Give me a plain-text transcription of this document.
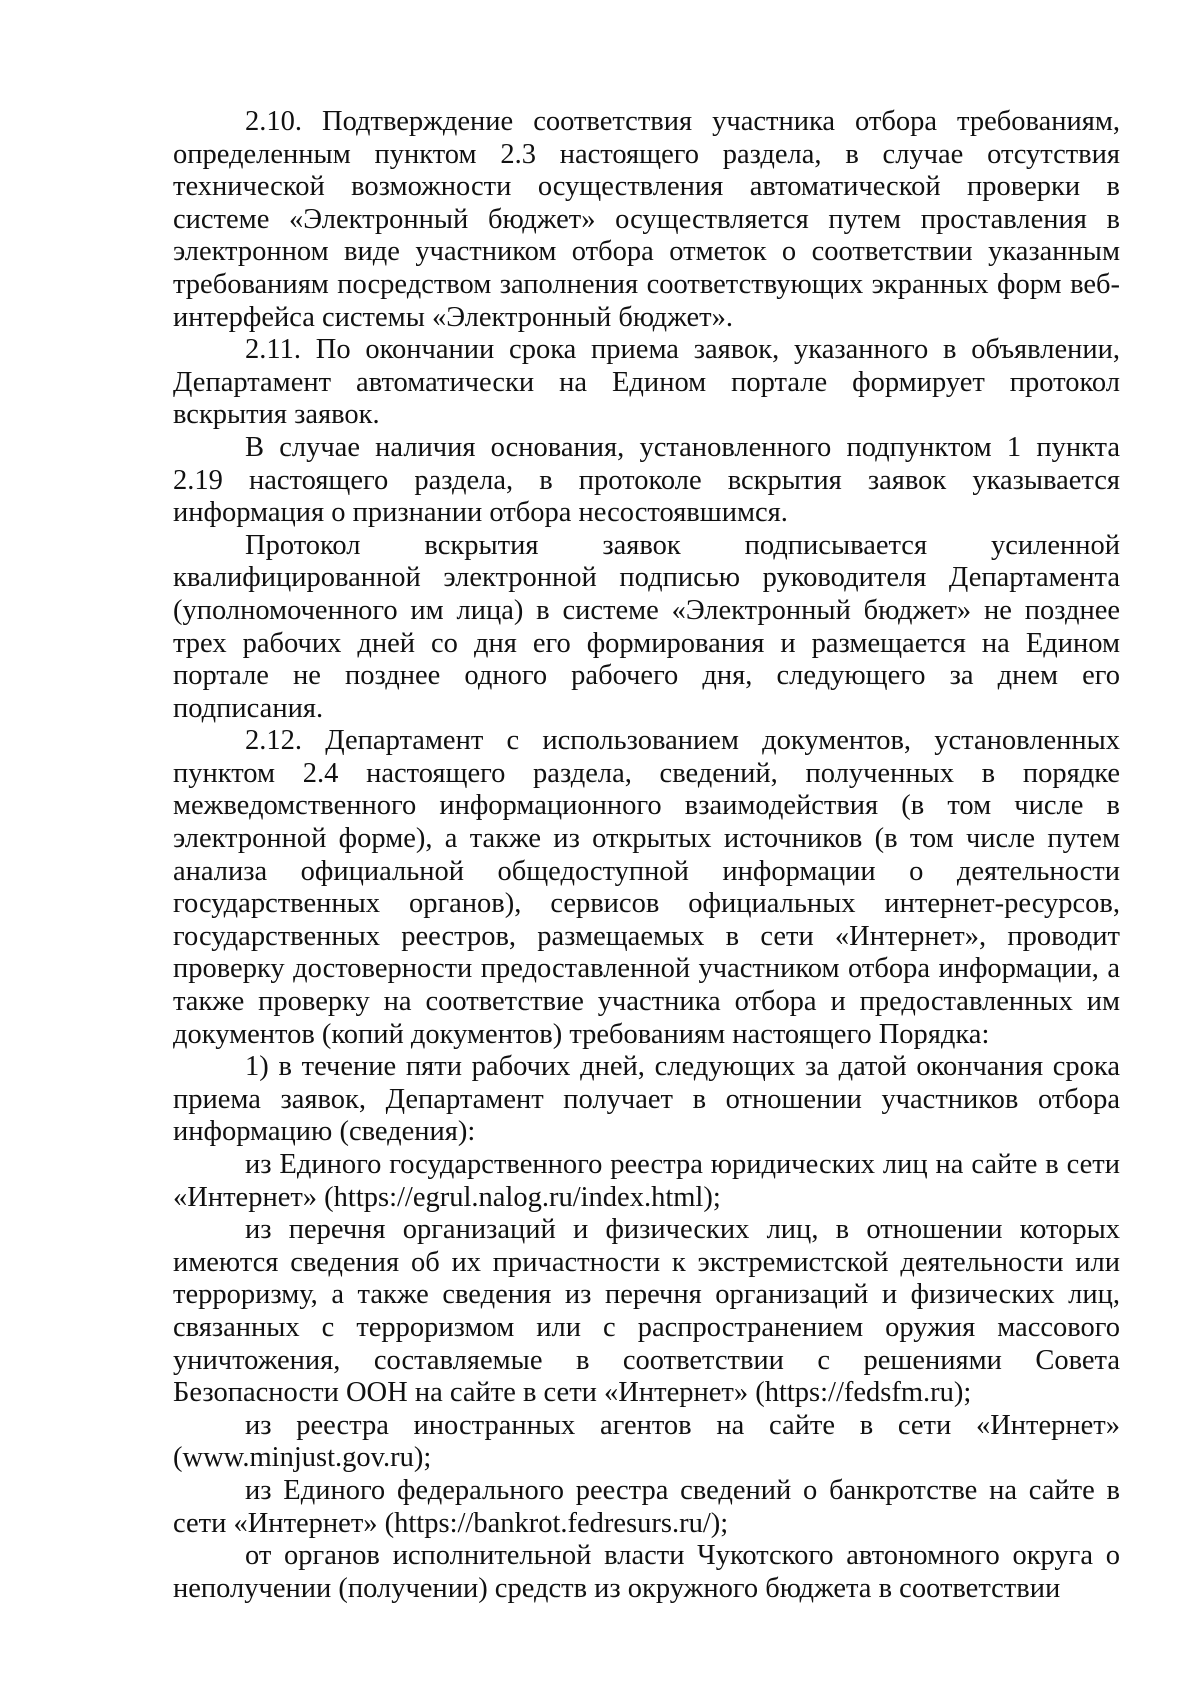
2.10. Подтверждение соответствия участника отбора требованиям, определенным пунктом 2.3 настоящего раздела, в случае отсутствия технической возможности осуществления автоматической проверки в системе «Электронный бюджет» осуществляется путем проставления в электронном виде участником отбора отметок о соответствии указанным требованиям посредством заполнения соответствующих экранных форм веб-интерфейса системы «Электронный бюджет».

2.11. По окончании срока приема заявок, указанного в объявлении, Департамент автоматически на Едином портале формирует протокол вскрытия заявок.

В случае наличия основания, установленного подпунктом 1 пункта 2.19 настоящего раздела, в протоколе вскрытия заявок указывается информация о признании отбора несостоявшимся.

Протокол вскрытия заявок подписывается усиленной квалифицированной электронной подписью руководителя Департамента (уполномоченного им лица) в системе «Электронный бюджет» не позднее трех рабочих дней со дня его формирования и размещается на Едином портале не позднее одного рабочего дня, следующего за днем его подписания.

2.12. Департамент с использованием документов, установленных пунктом 2.4 настоящего раздела, сведений, полученных в порядке межведомственного информационного взаимодействия (в том числе в электронной форме), а также из открытых источников (в том числе путем анализа официальной общедоступной информации о деятельности государственных органов), сервисов официальных интернет-ресурсов, государственных реестров, размещаемых в сети «Интернет», проводит проверку достоверности предоставленной участником отбора информации, а также проверку на соответствие участника отбора и предоставленных им документов (копий документов) требованиям настоящего Порядка:

1) в течение пяти рабочих дней, следующих за датой окончания срока приема заявок, Департамент получает в отношении участников отбора информацию (сведения):

из Единого государственного реестра юридических лиц на сайте в сети «Интернет» (https://egrul.nalog.ru/index.html);

из перечня организаций и физических лиц, в отношении которых имеются сведения об их причастности к экстремистской деятельности или терроризму, а также сведения из перечня организаций и физических лиц, связанных с терроризмом или с распространением оружия массового уничтожения, составляемые в соответствии с решениями Совета Безопасности ООН на сайте в сети «Интернет» (https://fedsfm.ru);

из реестра иностранных агентов на сайте в сети «Интернет» (www.minjust.gov.ru);

из Единого федерального реестра сведений о банкротстве на сайте в сети «Интернет» (https://bankrot.fedresurs.ru/);

от органов исполнительной власти Чукотского автономного округа о неполучении (получении) средств из окружного бюджета в соответствии
